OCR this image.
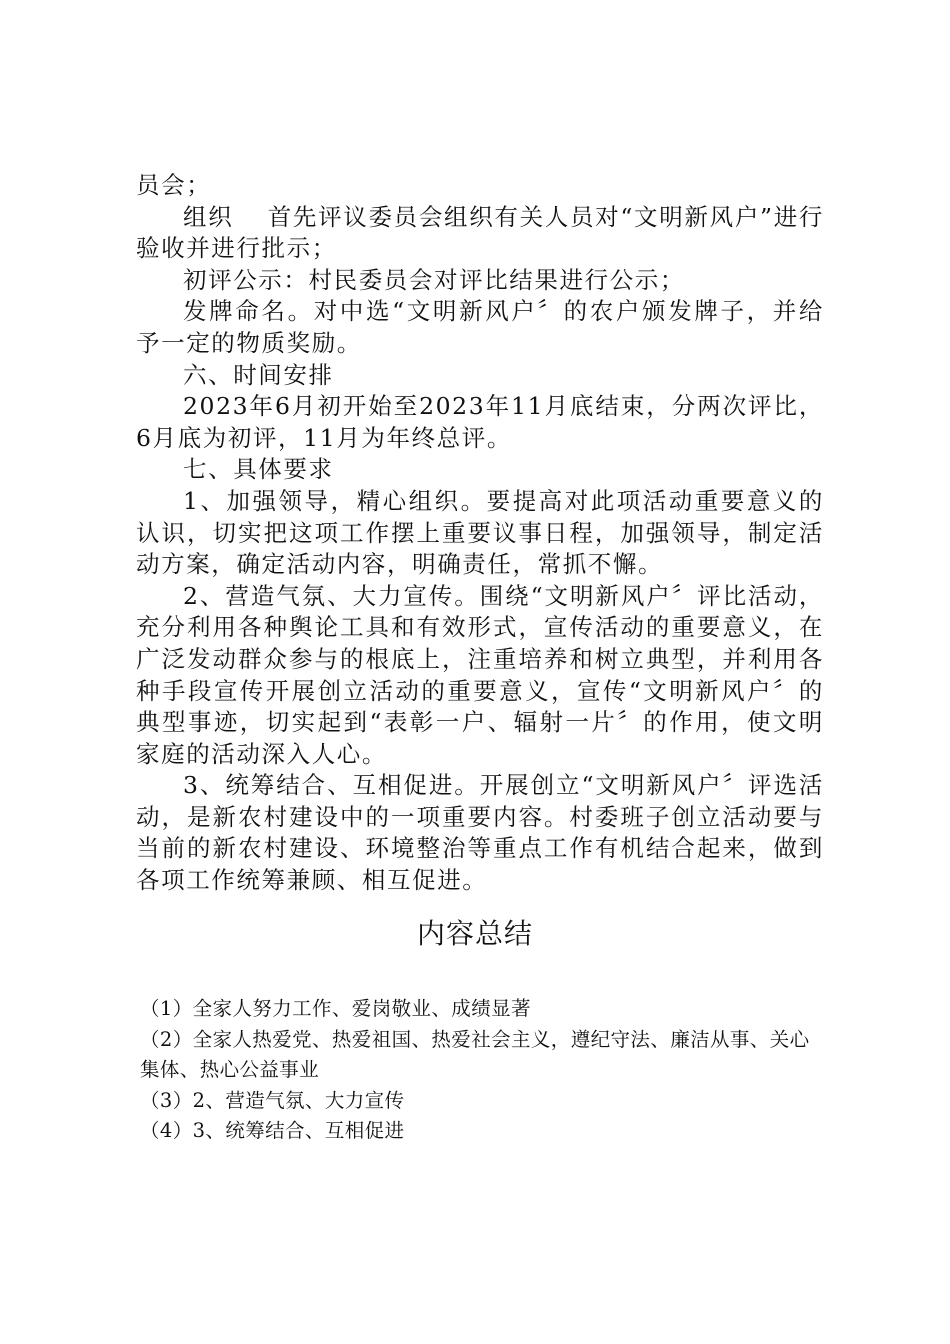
员会；

组织　 首先评议委员会组织有关人员对“文明新风户”进行验收并进行批示；

初评公示：村民委员会对评比结果进行公示；

发牌命名。对中选“文明新风户〞的农户颁发牌子，并给予一定的物质奖励。

六、时间安排

2023年6月初开始至2023年11月底结束，分两次评比，6月底为初评，11月为年终总评。

七、具体要求

1、加强领导，精心组织。要提高对此项活动重要意义的认识，切实把这项工作摆上重要议事日程，加强领导，制定活动方案，确定活动内容，明确责任，常抓不懈。

2、营造气氛、大力宣传。围绕“文明新风户〞评比活动，充分利用各种舆论工具和有效形式，宣传活动的重要意义，在广泛发动群众参与的根底上，注重培养和树立典型，并利用各种手段宣传开展创立活动的重要意义，宣传“文明新风户〞的典型事迹，切实起到“表彰一户、辐射一片〞的作用，使文明家庭的活动深入人心。

3、统筹结合、互相促进。开展创立“文明新风户〞评选活动，是新农村建设中的一项重要内容。村委班子创立活动要与当前的新农村建设、环境整治等重点工作有机结合起来，做到各项工作统筹兼顾、相互促进。

内容总结

（1）全家人努力工作、爱岗敬业、成绩显著

（2）全家人热爱党、热爱祖国、热爱社会主义，遵纪守法、廉洁从事、关心集体、热心公益事业

（3）2、营造气氛、大力宣传

（4）3、统筹结合、互相促进
